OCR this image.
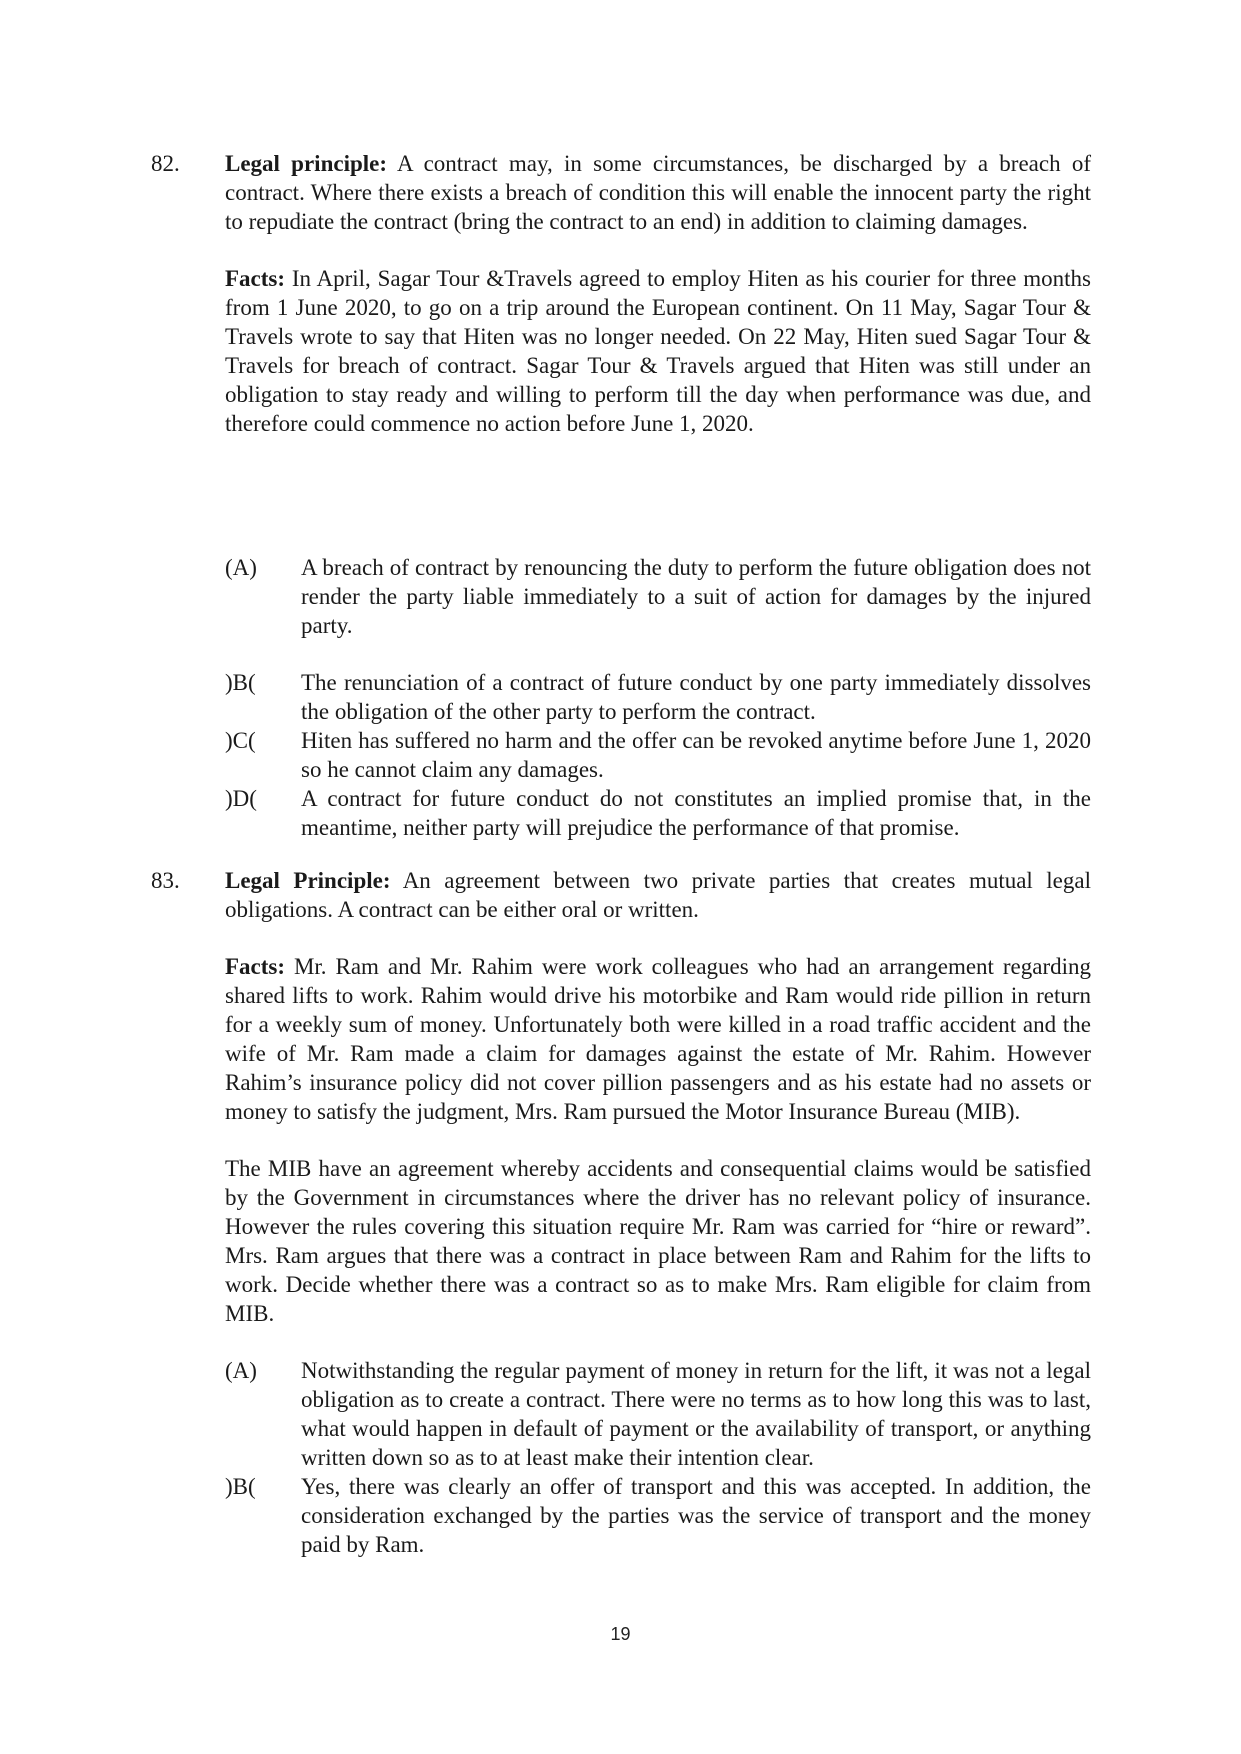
82. Legal principle: A contract may, in some circumstances, be discharged by a breach of contract. Where there exists a breach of condition this will enable the innocent party the right to repudiate the contract (bring the contract to an end) in addition to claiming damages.

Facts: In April, Sagar Tour &Travels agreed to employ Hiten as his courier for three months from 1 June 2020, to go on a trip around the European continent. On 11 May, Sagar Tour & Travels wrote to say that Hiten was no longer needed. On 22 May, Hiten sued Sagar Tour & Travels for breach of contract. Sagar Tour & Travels argued that Hiten was still under an obligation to stay ready and willing to perform till the day when performance was due, and therefore could commence no action before June 1, 2020.

(A) A breach of contract by renouncing the duty to perform the future obligation does not render the party liable immediately to a suit of action for damages by the injured party.

)B( The renunciation of a contract of future conduct by one party immediately dissolves the obligation of the other party to perform the contract.

)C( Hiten has suffered no harm and the offer can be revoked anytime before June 1, 2020 so he cannot claim any damages.

)D( A contract for future conduct do not constitutes an implied promise that, in the meantime, neither party will prejudice the performance of that promise.

83. Legal Principle: An agreement between two private parties that creates mutual legal obligations. A contract can be either oral or written.

Facts: Mr. Ram and Mr. Rahim were work colleagues who had an arrangement regarding shared lifts to work. Rahim would drive his motorbike and Ram would ride pillion in return for a weekly sum of money. Unfortunately both were killed in a road traffic accident and the wife of Mr. Ram made a claim for damages against the estate of Mr. Rahim. However Rahim’s insurance policy did not cover pillion passengers and as his estate had no assets or money to satisfy the judgment, Mrs. Ram pursued the Motor Insurance Bureau (MIB).

The MIB have an agreement whereby accidents and consequential claims would be satisfied by the Government in circumstances where the driver has no relevant policy of insurance. However the rules covering this situation require Mr. Ram was carried for “hire or reward”. Mrs. Ram argues that there was a contract in place between Ram and Rahim for the lifts to work. Decide whether there was a contract so as to make Mrs. Ram eligible for claim from MIB.

(A) Notwithstanding the regular payment of money in return for the lift, it was not a legal obligation as to create a contract. There were no terms as to how long this was to last, what would happen in default of payment or the availability of transport, or anything written down so as to at least make their intention clear.

)B( Yes, there was clearly an offer of transport and this was accepted. In addition, the consideration exchanged by the parties was the service of transport and the money paid by Ram.

19
